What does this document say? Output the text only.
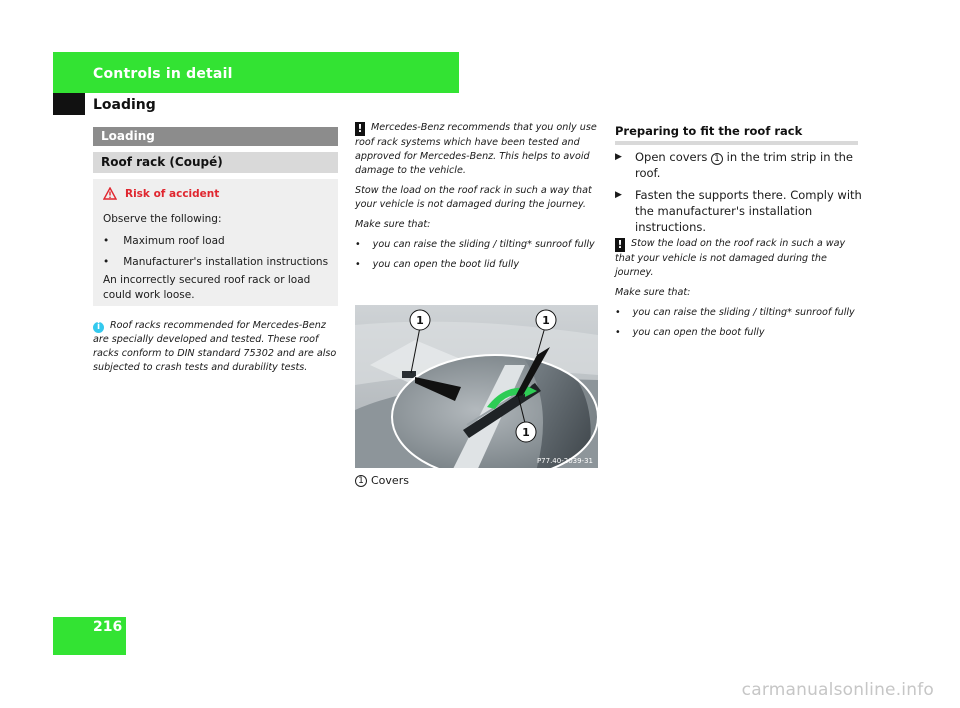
Controls in detail
Loading
Loading
Roof rack (Coupé)
Risk of accident

Observe the following:

• Maximum roof load
• Manufacturer's installation instructions

An incorrectly secured roof rack or load

could work loose.

i Roof racks recommended for Mercedes-Benz are specially developed and tested. These roof racks conform to DIN standard 75302 and are also subjected to crash tests and durability tests.

! Mercedes-Benz recommends that you only use roof rack systems which have been tested and approved for Mercedes-Benz. This helps to avoid damage to the vehicle.

Stow the load on the roof rack in such a way that your vehicle is not damaged during the journey.

Make sure that:

• you can raise the sliding / tilting* sunroof fully
• you can open the boot lid fully
1	1
1
P77.40-2039-31
1 Covers
Preparing to fit the roof rack
▶	Open covers 1 in the trim strip in the roof.
▶	Fasten the supports there. Comply with the manufacturer's installation instructions.

! Stow the load on the roof rack in such a way that your vehicle is not damaged during the journey.

Make sure that:

• you can raise the sliding / tilting* sunroof fully
• you can open the boot fully
216
carmanualsonline.info
